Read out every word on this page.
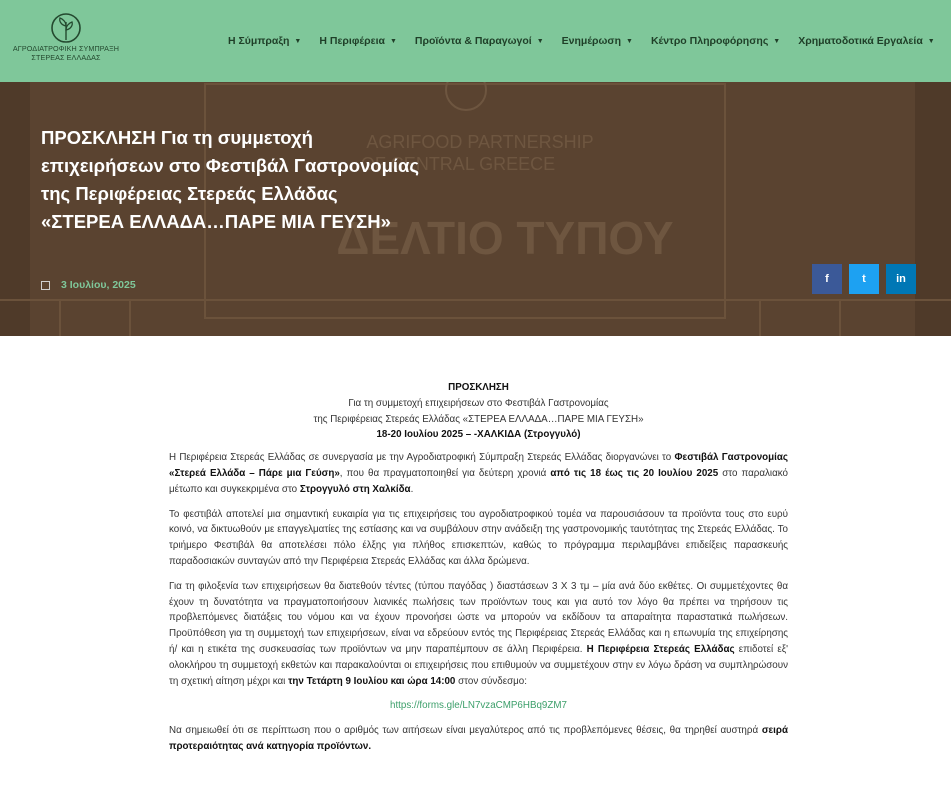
ΑΓΡΟΔΙΑΤΡΟΦΙΚΗ ΣΥΜΠΡΑΞΗ
ΣΤΕΡΕΑΣ ΕΛΛΑΔΑΣ
Η Σύμπραξη ▼ Η Περιφέρεια ▼ Προϊόντα & Παραγωγοί ▼ Ενημέρωση ▼ Κέντρο Πληροφόρησης ▼ Χρηματοδοτικά Εργαλεία ▼
AGRIFOOD PARTNERSHIP
OF CENTRAL GREECE
ΔΕΛΤΙΟ ΤΥΠΟΥ
ΠΡΟΣΚΛΗΣΗ Για τη συμμετοχή επιχειρήσεων στο Φεστιβάλ Γαστρονομίας της Περιφέρειας Στερεάς Ελλάδας «ΣΤΕΡΕΑ ΕΛΛΑΔΑ…ΠΑΡΕ ΜΙΑ ΓΕΥΣΗ»
3 Ιουλίου, 2025	f	t	in

ΠΡΟΣΚΛΗΣΗ

Για τη συμμετοχή επιχειρήσεων στο Φεστιβάλ Γαστρονομίας

της Περιφέρειας Στερεάς Ελλάδας «ΣΤΕΡΕΑ ΕΛΛΑΔΑ…ΠΑΡΕ ΜΙΑ ΓΕΥΣΗ»

18-20 Ιουλίου 2025 – -ΧΑΛΚΙΔΑ (Στρογγυλό)

Η Περιφέρεια Στερεάς Ελλάδας σε συνεργασία με την Αγροδιατροφική Σύμπραξη Στερεάς Ελλάδας διοργανώνει το Φεστιβάλ Γαστρονομίας «Στερεά Ελλάδα – Πάρε μια Γεύση», που θα πραγματοποιηθεί για δεύτερη χρονιά από τις 18 έως τις 20 Ιουλίου 2025 στο παραλιακό μέτωπο και συγκεκριμένα στο Στρογγυλό στη Χαλκίδα.

Το φεστιβάλ αποτελεί μια σημαντική ευκαιρία για τις επιχειρήσεις του αγροδιατροφικού τομέα να παρουσιάσουν τα προϊόντα τους στο ευρύ κοινό, να δικτυωθούν με επαγγελματίες της εστίασης και να συμβάλουν στην ανάδειξη της γαστρονομικής ταυτότητας της Στερεάς Ελλάδας. Το τριήμερο Φεστιβάλ θα αποτελέσει πόλο έλξης για πλήθος επισκεπτών, καθώς το πρόγραμμα περιλαμβάνει επιδείξεις παρασκευής παραδοσιακών συνταγών από την Περιφέρεια Στερεάς Ελλάδας και άλλα δρώμενα.

Για τη φιλοξενία των επιχειρήσεων θα διατεθούν τέντες (τύπου παγόδας ) διαστάσεων 3 Χ 3 τμ – μία ανά δύο εκθέτες. Οι συμμετέχοντες θα έχουν τη δυνατότητα να πραγματοποιήσουν λιανικές πωλήσεις των προϊόντων τους και για αυτό τον λόγο θα πρέπει να τηρήσουν τις προβλεπόμενες διατάξεις του νόμου και να έχουν προνοήσει ώστε να μπορούν να εκδίδουν τα απαραίτητα παραστατικά πωλήσεων. Προϋπόθεση για τη συμμετοχή των επιχειρήσεων, είναι να εδρεύουν εντός της Περιφέρειας Στερεάς Ελλάδας και η επωνυμία της επιχείρησης ή/ και η ετικέτα της συσκευασίας των προϊόντων να μην παραπέμπουν σε άλλη Περιφέρεια. Η Περιφέρεια Στερεάς Ελλάδας επιδοτεί εξ' ολοκλήρου τη συμμετοχή εκθετών και παρακαλούνται οι επιχειρήσεις που επιθυμούν να συμμετέχουν στην εν λόγω δράση να συμπληρώσουν τη σχετική αίτηση μέχρι και την Τετάρτη 9 Ιουλίου και ώρα 14:00 στον σύνδεσμο:

https://forms.gle/LN7vzaCMP6HBq9ZM7

Να σημειωθεί ότι σε περίπτωση που ο αριθμός των αιτήσεων είναι μεγαλύτερος από τις προβλεπόμενες θέσεις, θα τηρηθεί αυστηρά σειρά προτεραιότητας ανά κατηγορία προϊόντων.
